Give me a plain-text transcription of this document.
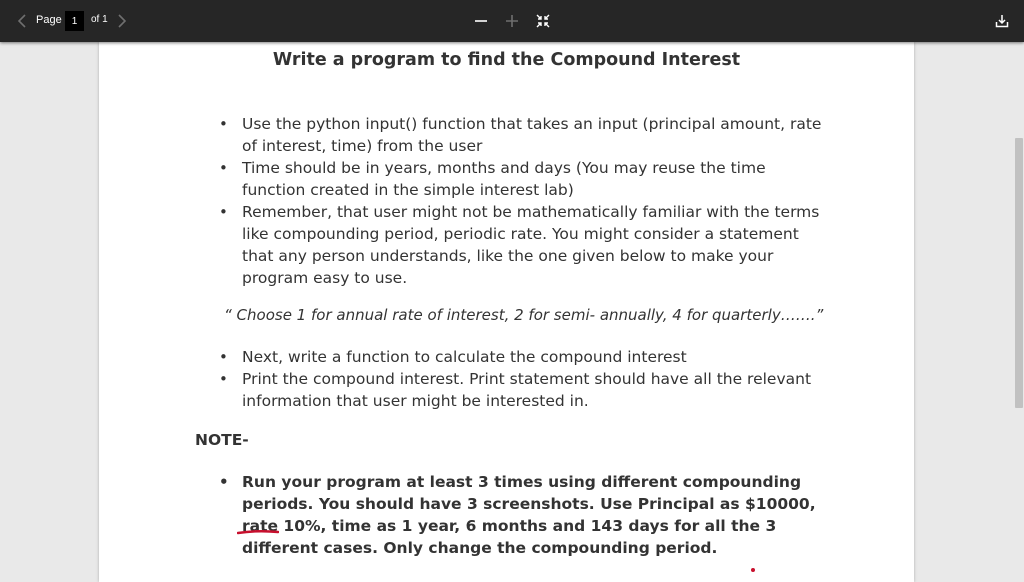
Page	1	of 1
Write a program to find the Compound Interest
• Use the python input() function that takes an input (principal amount, rate of interest, time) from the user
• Time should be in years, months and days (You may reuse the time function created in the simple interest lab)
• Remember, that user might not be mathematically familiar with the terms like compounding period, periodic rate. You might consider a statement that any person understands, like the one given below to make your program easy to use.
“ Choose 1 for annual rate of interest, 2 for semi- annually, 4 for quarterly…….”
• Next, write a function to calculate the compound interest
• Print the compound interest. Print statement should have all the relevant information that user might be interested in.
NOTE-
• Run your program at least 3 times using different compounding periods. You should have 3 screenshots. Use Principal as $10000, rate 10%, time as 1 year, 6 months and 143 days for all the 3 different cases. Only change the compounding period.
